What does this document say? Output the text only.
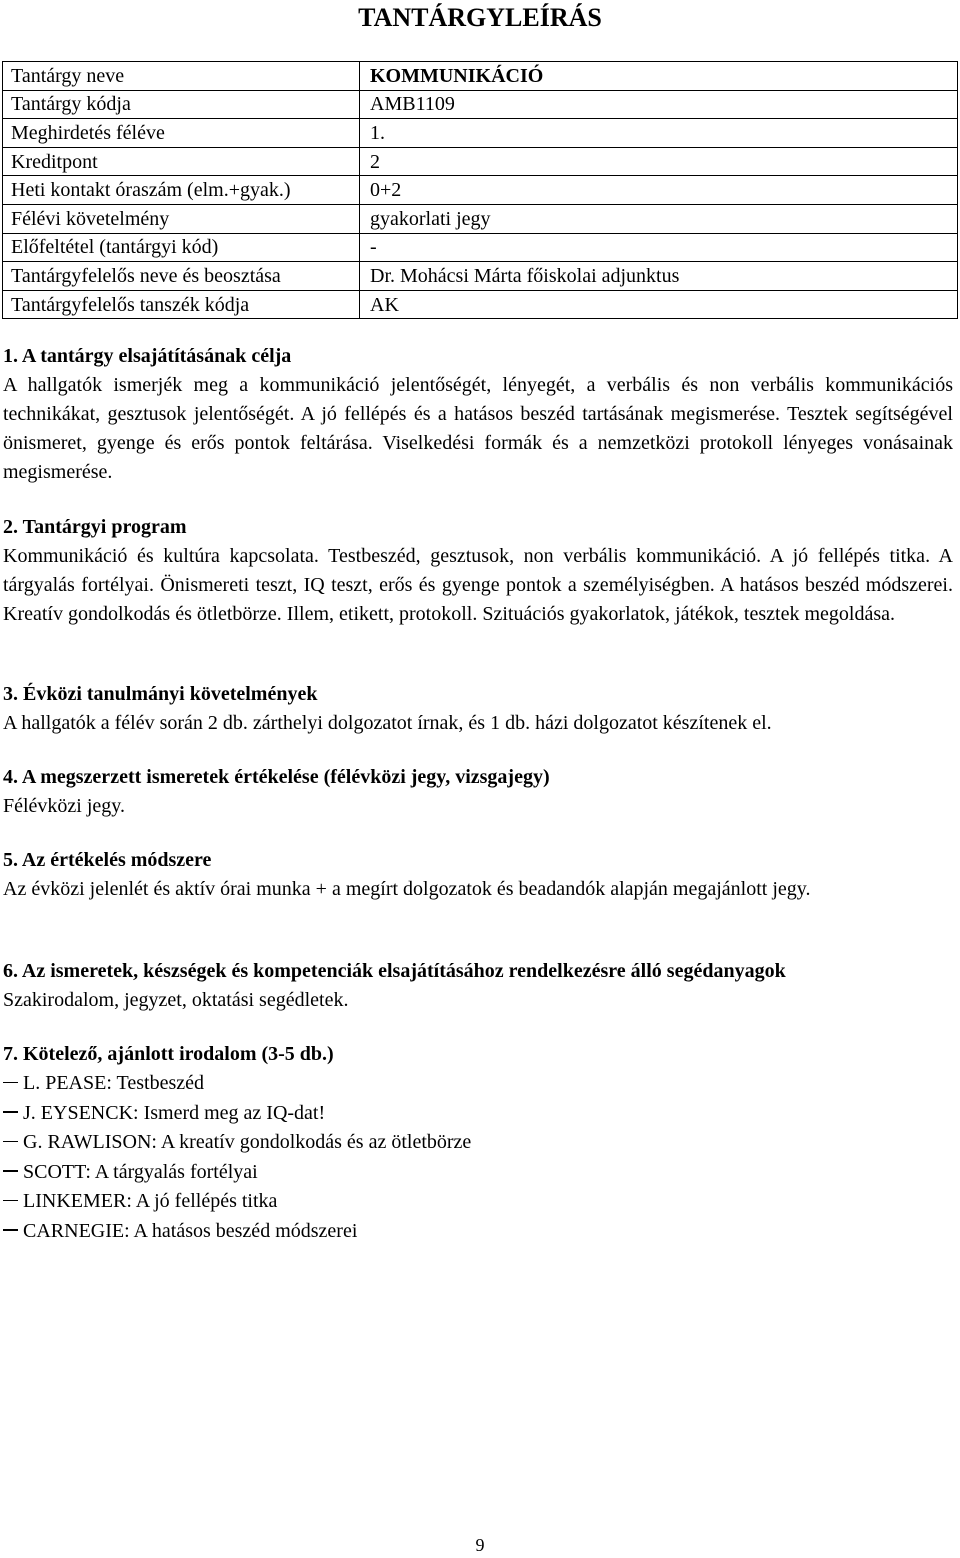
TANTÁRGYLEÍRÁS
Tantárgy neve	KOMMUNIKÁCIÓ
Tantárgy kódja	AMB1109
Meghirdetés féléve	1.
Kreditpont	2
Heti kontakt óraszám (elm.+gyak.)	0+2
Félévi követelmény	gyakorlati jegy
Előfeltétel (tantárgyi kód)	-
Tantárgyfelelős neve és beosztása	Dr. Mohácsi Márta főiskolai adjunktus
Tantárgyfelelős tanszék kódja	AK
1. A tantárgy elsajátításának célja

A hallgatók ismerjék meg a kommunikáció jelentőségét, lényegét, a verbális és non verbális kommunikációs technikákat, gesztusok jelentőségét. A jó fellépés és a hatásos beszéd tartásának megismerése. Tesztek segítségével önismeret, gyenge és erős pontok feltárása. Viselkedési formák és a nemzetközi protokoll lényeges vonásainak megismerése.

2. Tantárgyi program

Kommunikáció és kultúra kapcsolata. Testbeszéd, gesztusok, non verbális kommunikáció. A jó fellépés titka. A tárgyalás fortélyai. Önismereti teszt, IQ teszt, erős és gyenge pontok a személyiségben. A hatásos beszéd módszerei. Kreatív gondolkodás és ötletbörze. Illem, etikett, protokoll. Szituációs gyakorlatok, játékok, tesztek megoldása.

3. Évközi tanulmányi követelmények

A hallgatók a félév során 2 db. zárthelyi dolgozatot írnak, és 1 db. házi dolgozatot készítenek el.

4. A megszerzett ismeretek értékelése (félévközi jegy, vizsgajegy)

Félévközi jegy.

5. Az értékelés módszere

Az évközi jelenlét és aktív órai munka + a megírt dolgozatok és beadandók alapján megajánlott jegy.

6. Az ismeretek, készségek és kompetenciák elsajátításához rendelkezésre álló segédanyagok

Szakirodalom, jegyzet, oktatási segédletek.

7. Kötelező, ajánlott irodalom (3-5 db.)
L. PEASE: Testbeszéd
J. EYSENCK: Ismerd meg az IQ-dat!
G. RAWLISON: A kreatív gondolkodás és az ötletbörze
SCOTT: A tárgyalás fortélyai
LINKEMER: A jó fellépés titka
CARNEGIE: A hatásos beszéd módszerei
9
